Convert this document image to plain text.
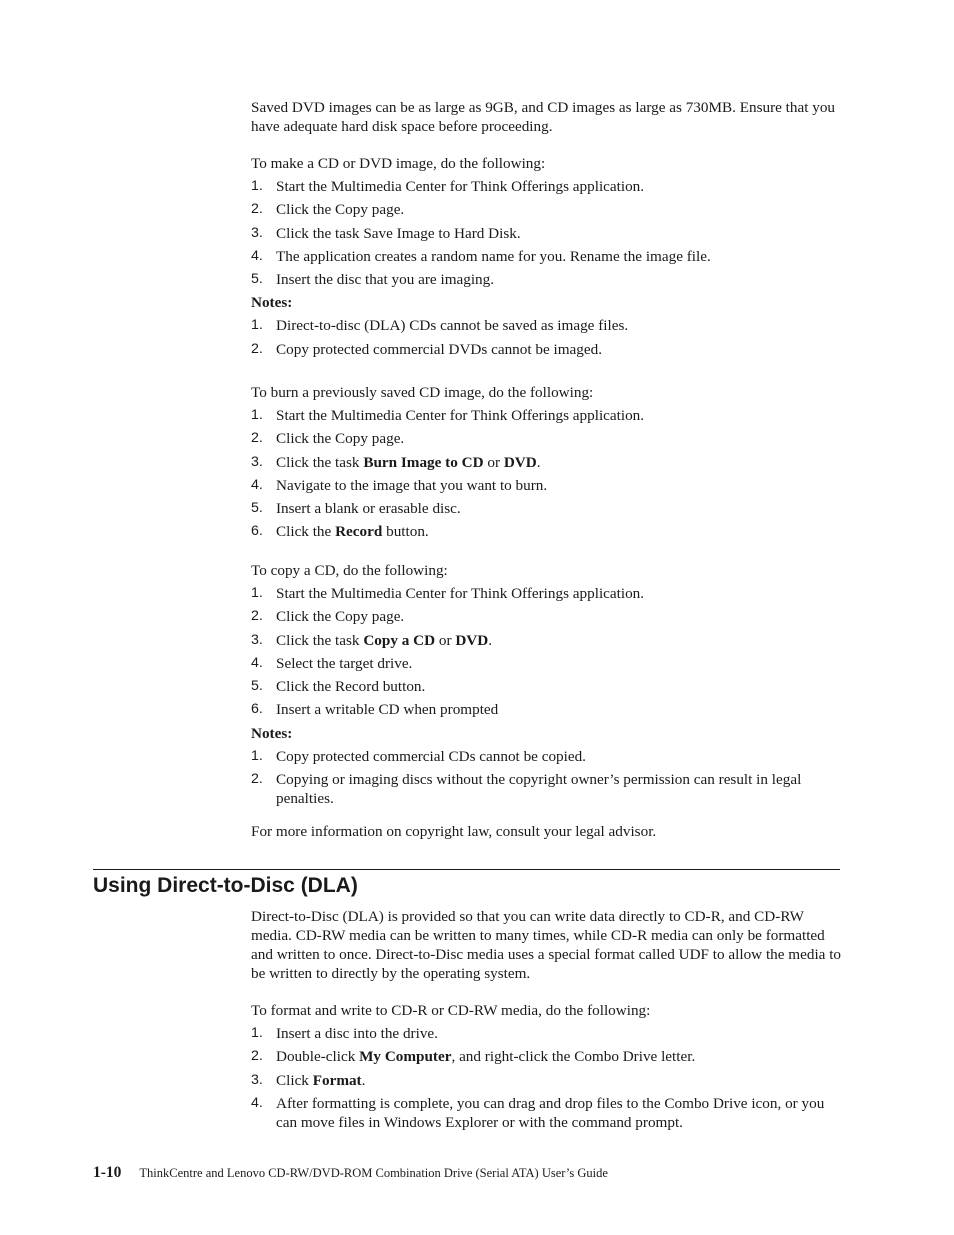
Saved DVD images can be as large as 9GB, and CD images as large as 730MB. Ensure that you have adequate hard disk space before proceeding.

To make a CD or DVD image, do the following:

1. Start the Multimedia Center for Think Offerings application.
2. Click the Copy page.
3. Click the task Save Image to Hard Disk.
4. The application creates a random name for you. Rename the image file.
5. Insert the disc that you are imaging.

Notes:

1. Direct-to-disc (DLA) CDs cannot be saved as image files.
2. Copy protected commercial DVDs cannot be imaged.

To burn a previously saved CD image, do the following:

1. Start the Multimedia Center for Think Offerings application.
2. Click the Copy page.
3. Click the task Burn Image to CD or DVD.
4. Navigate to the image that you want to burn.
5. Insert a blank or erasable disc.
6. Click the Record button.

To copy a CD, do the following:

1. Start the Multimedia Center for Think Offerings application.
2. Click the Copy page.
3. Click the task Copy a CD or DVD.
4. Select the target drive.
5. Click the Record button.
6. Insert a writable CD when prompted

Notes:

1. Copy protected commercial CDs cannot be copied.
2. Copying or imaging discs without the copyright owner’s permission can result in legal penalties.

For more information on copyright law, consult your legal advisor.

Using Direct-to-Disc (DLA)

Direct-to-Disc (DLA) is provided so that you can write data directly to CD-R, and CD-RW media. CD-RW media can be written to many times, while CD-R media can only be formatted and written to once. Direct-to-Disc media uses a special format called UDF to allow the media to be written to directly by the operating system.

To format and write to CD-R or CD-RW media, do the following:

1. Insert a disc into the drive.
2. Double-click My Computer, and right-click the Combo Drive letter.
3. Click Format.
4. After formatting is complete, you can drag and drop files to the Combo Drive icon, or you can move files in Windows Explorer or with the command prompt.
1-10 ThinkCentre and Lenovo CD-RW/DVD-ROM Combination Drive (Serial ATA) User’s Guide
